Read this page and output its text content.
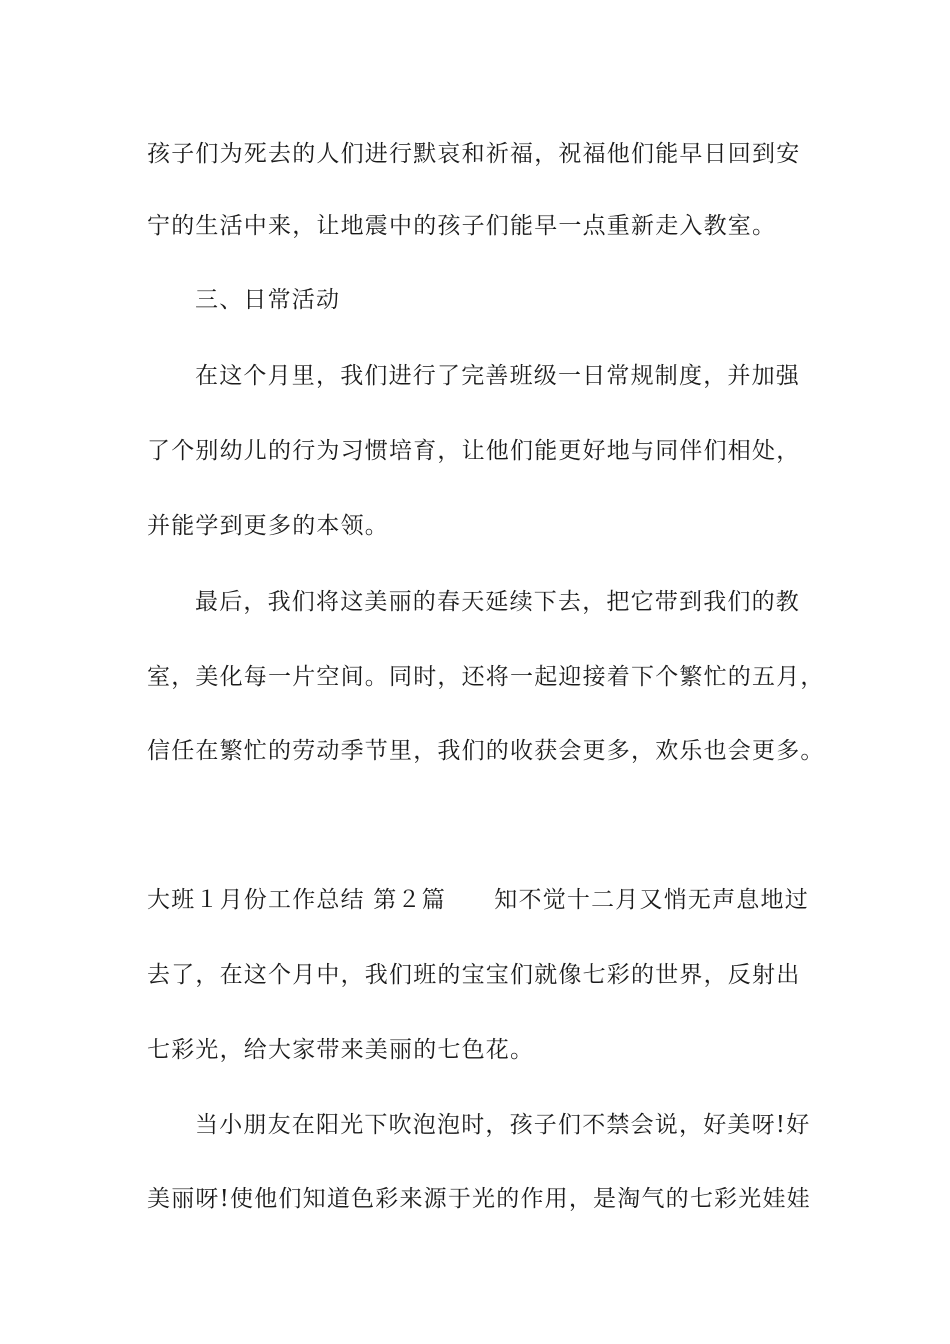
孩子们为死去的人们进行默哀和祈福，祝福他们能早日回到安
宁的生活中来，让地震中的孩子们能早一点重新走入教室。
三、日常活动
在这个月里，我们进行了完善班级一日常规制度，并加强
了个别幼儿的行为习惯培育，让他们能更好地与同伴们相处，
并能学到更多的本领。
最后，我们将这美丽的春天延续下去，把它带到我们的教
室，美化每一片空间。同时，还将一起迎接着下个繁忙的五月，
信任在繁忙的劳动季节里，我们的收获会更多，欢乐也会更多。
大班１月份工作总结 第２篇　　知不觉十二月又悄无声息地过
去了，在这个月中，我们班的宝宝们就像七彩的世界，反射出
七彩光，给大家带来美丽的七色花。
当小朋友在阳光下吹泡泡时，孩子们不禁会说，好美呀!好
美丽呀!使他们知道色彩来源于光的作用，是淘气的七彩光娃娃
